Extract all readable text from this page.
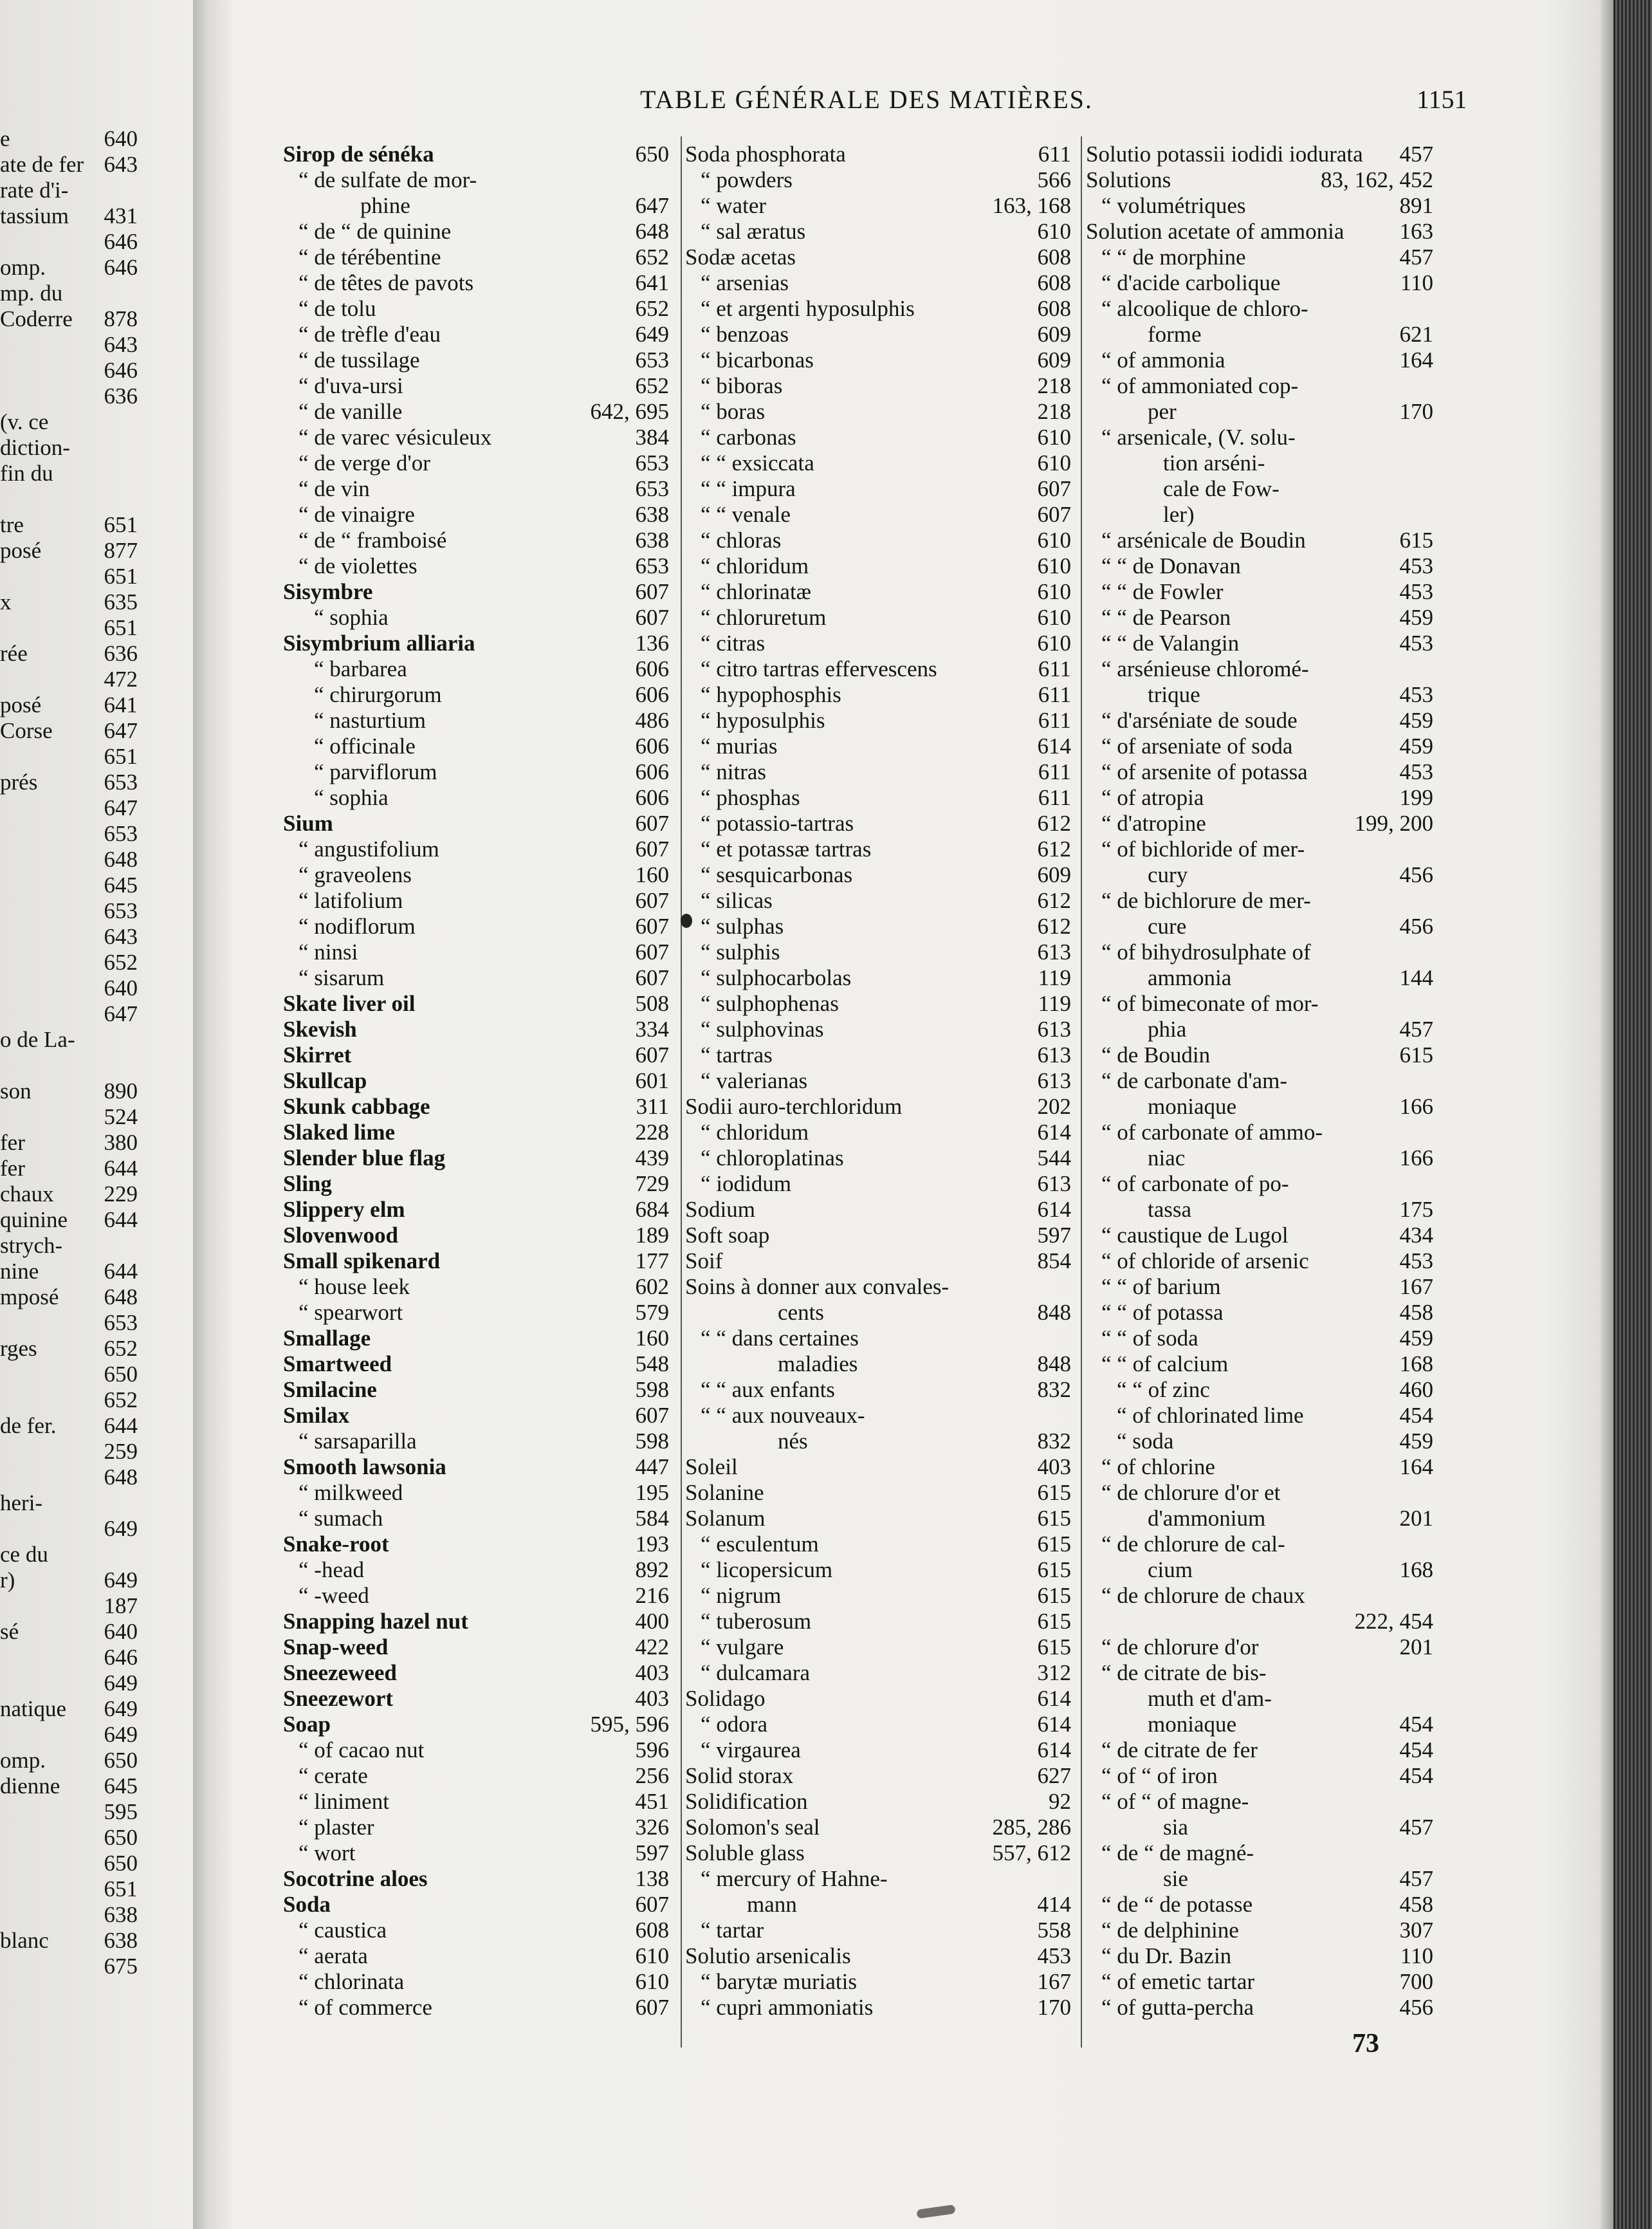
e	640
ate de fer 643
rate d'i-
tassium 431
646
omp.	646
mp. du
Coderre 878
643
646
636
(v. ce
diction-
fin du
tre	651
posé	877
651
x	635
651
rée	636
472
posé	641
Corse 647
651
prés	653
647
653
648
645
653
643
652
640
647
o de La-
son	890
524
fer	380
fer	644
chaux 229
quinine 644
strych-
nine	644
mposé 648
653
rges	652
650
652
de fer. 644
259
648
heri-
649
ce du
r)	649
187
sé	640
646
649
natique 649
649
omp.	650
dienne 645
595
650
650
651
638
blanc 638
675
TABLE GÉNÉRALE DES MATIÈRES.	1151
Sirop de sénéka	650
“ de sulfate de mor-
phine	647
“ de “ de quinine	648
“ de térébentine	652
“ de têtes de pavots	641
“ de tolu	652
“ de trèfle d'eau	649
“ de tussilage	653
“ d'uva-ursi	652
“ de vanille	642, 695
“ de varec vésiculeux	384
“ de verge d'or	653
“ de vin	653
“ de vinaigre	638
“ de “ framboisé	638
“ de violettes	653
Sisymbre	607
“ sophia	607
Sisymbrium alliaria	136
“ barbarea	606
“ chirurgorum	606
“ nasturtium	486
“ officinale	606
“ parviflorum	606
“ sophia	606
Sium	607
“ angustifolium	607
“ graveolens	160
“ latifolium	607
“ nodiflorum	607
“ ninsi	607
“ sisarum	607
Skate liver oil	508
Skevish	334
Skirret	607
Skullcap	601
Skunk cabbage	311
Slaked lime	228
Slender blue flag	439
Sling	729
Slippery elm	684
Slovenwood	189
Small spikenard	177
“ house leek	602
“ spearwort	579
Smallage	160
Smartweed	548
Smilacine	598
Smilax	607
“ sarsaparilla	598
Smooth lawsonia	447
“ milkweed	195
“ sumach	584
Snake-root	193
“ -head	892
“ -weed	216
Snapping hazel nut	400
Snap-weed	422
Sneezeweed	403
Sneezewort	403
Soap	595, 596
“ of cacao nut	596
“ cerate	256
“ liniment	451
“ plaster	326
“ wort	597
Socotrine aloes	138
Soda	607
“ caustica	608
“ aerata	610
“ chlorinata	610
“ of commerce	607
Soda phosphorata	611
“ powders	566
“ water	163, 168
“ sal æratus	610
Sodæ acetas	608
“ arsenias	608
“ et argenti hyposulphis	608
“ benzoas	609
“ bicarbonas	609
“ biboras	218
“ boras	218
“ carbonas	610
“ “ exsiccata	610
“ “ impura	607
“ “ venale	607
“ chloras	610
“ chloridum	610
“ chlorinatæ	610
“ chloruretum	610
“ citras	610
“ citro tartras effervescens	611
“ hypophosphis	611
“ hyposulphis	611
“ murias	614
“ nitras	611
“ phosphas	611
“ potassio-tartras	612
“ et potassæ tartras	612
“ sesquicarbonas	609
“ silicas	612
“ sulphas	612
“ sulphis	613
“ sulphocarbolas	119
“ sulphophenas	119
“ sulphovinas	613
“ tartras	613
“ valerianas	613
Sodii auro-terchloridum	202
“ chloridum	614
“ chloroplatinas	544
“ iodidum	613
Sodium	614
Soft soap	597
Soif	854
Soins à donner aux convales-
cents	848
“ “ dans certaines
maladies	848
“ “ aux enfants	832
“ “ aux nouveaux-
nés	832
Soleil	403
Solanine	615
Solanum	615
“ esculentum	615
“ licopersicum	615
“ nigrum	615
“ tuberosum	615
“ vulgare	615
“ dulcamara	312
Solidago	614
“ odora	614
“ virgaurea	614
Solid storax	627
Solidification	92
Solomon's seal	285, 286
Soluble glass	557, 612
“ mercury of Hahne-
mann	414
“ tartar	558
Solutio arsenicalis	453
“ barytæ muriatis	167
“ cupri ammoniatis	170
Solutio potassii iodidi iodurata 457
Solutions	83, 162, 452
“ volumétriques	891
Solution acetate of ammonia 163
“ “ de morphine	457
“ d'acide carbolique	110
“ alcoolique de chloro-
forme	621
“ of ammonia	164
“ of ammoniated cop-
per	170
“ arsenicale, (V. solu-
tion arséni-
cale de Fow-
ler)
“ arsénicale de Boudin	615
“ “ de Donavan	453
“ “ de Fowler	453
“ “ de Pearson	459
“ “ de Valangin	453
“ arsénieuse chloromé-
trique	453
“ d'arséniate de soude	459
“ of arseniate of soda	459
“ of arsenite of potassa	453
“ of atropia	199
“ d'atropine	199, 200
“ of bichloride of mer-
cury	456
“ de bichlorure de mer-
cure	456
“ of bihydrosulphate of
ammonia	144
“ of bimeconate of mor-
phia	457
“ de Boudin	615
“ de carbonate d'am-
moniaque	166
“ of carbonate of ammo-
niac	166
“ of carbonate of po-
tassa	175
“ caustique de Lugol	434
“ of chloride of arsenic	453
“ “ of barium	167
“ “ of potassa	458
“ “ of soda	459
“ “ of calcium	168
“ “ of zinc	460
“ of chlorinated lime	454
“ soda	459
“ of chlorine	164
“ de chlorure d'or et
d'ammonium	201
“ de chlorure de cal-
cium	168
“ de chlorure de chaux
222, 454
“ de chlorure d'or	201
“ de citrate de bis-
muth et d'am-
moniaque	454
“ de citrate de fer	454
“ of “ of iron	454
“ of “ of magne-
sia	457
“ de “ de magné-
sie	457
“ de “ de potasse	458
“ de delphinine	307
“ du Dr. Bazin	110
“ of emetic tartar	700
“ of gutta-percha	456
73
